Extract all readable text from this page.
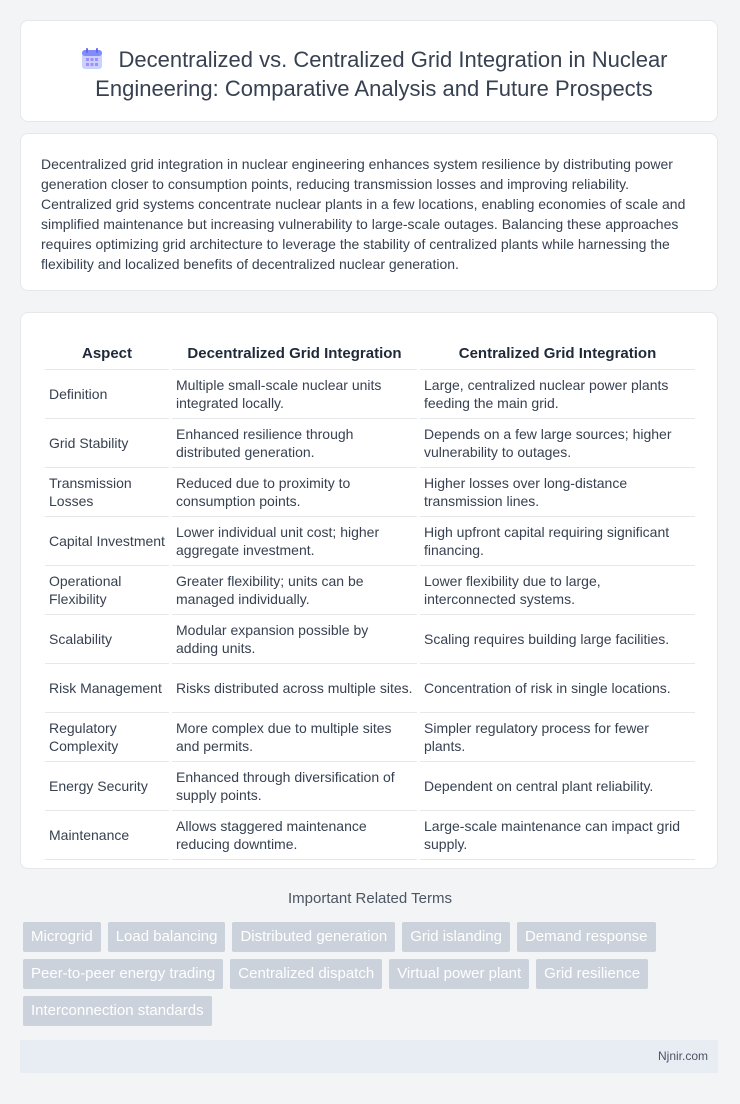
Decentralized vs. Centralized Grid Integration in Nuclear Engineering: Comparative Analysis and Future Prospects
Decentralized grid integration in nuclear engineering enhances system resilience by distributing power generation closer to consumption points, reducing transmission losses and improving reliability. Centralized grid systems concentrate nuclear plants in a few locations, enabling economies of scale and simplified maintenance but increasing vulnerability to large-scale outages. Balancing these approaches requires optimizing grid architecture to leverage the stability of centralized plants while harnessing the flexibility and localized benefits of decentralized nuclear generation.
Aspect	Decentralized Grid Integration	Centralized Grid Integration
Definition	Multiple small-scale nuclear units integrated locally.	Large, centralized nuclear power plants feeding the main grid.
Grid Stability	Enhanced resilience through distributed generation.	Depends on a few large sources; higher vulnerability to outages.
Transmission Losses	Reduced due to proximity to consumption points.	Higher losses over long-distance transmission lines.
Capital Investment	Lower individual unit cost; higher aggregate investment.	High upfront capital requiring significant financing.
Operational Flexibility	Greater flexibility; units can be managed individually.	Lower flexibility due to large, interconnected systems.
Scalability	Modular expansion possible by adding units.	Scaling requires building large facilities.
Risk Management	Risks distributed across multiple sites.	Concentration of risk in single locations.
Regulatory Complexity	More complex due to multiple sites and permits.	Simpler regulatory process for fewer plants.
Energy Security	Enhanced through diversification of supply points.	Dependent on central plant reliability.
Maintenance	Allows staggered maintenance reducing downtime.	Large-scale maintenance can impact grid supply.
Important Related Terms
Microgrid	Load balancing	Distributed generation	Grid islanding	Demand response
Peer-to-peer energy trading	Centralized dispatch	Virtual power plant	Grid resilience
Interconnection standards
Njnir.com
